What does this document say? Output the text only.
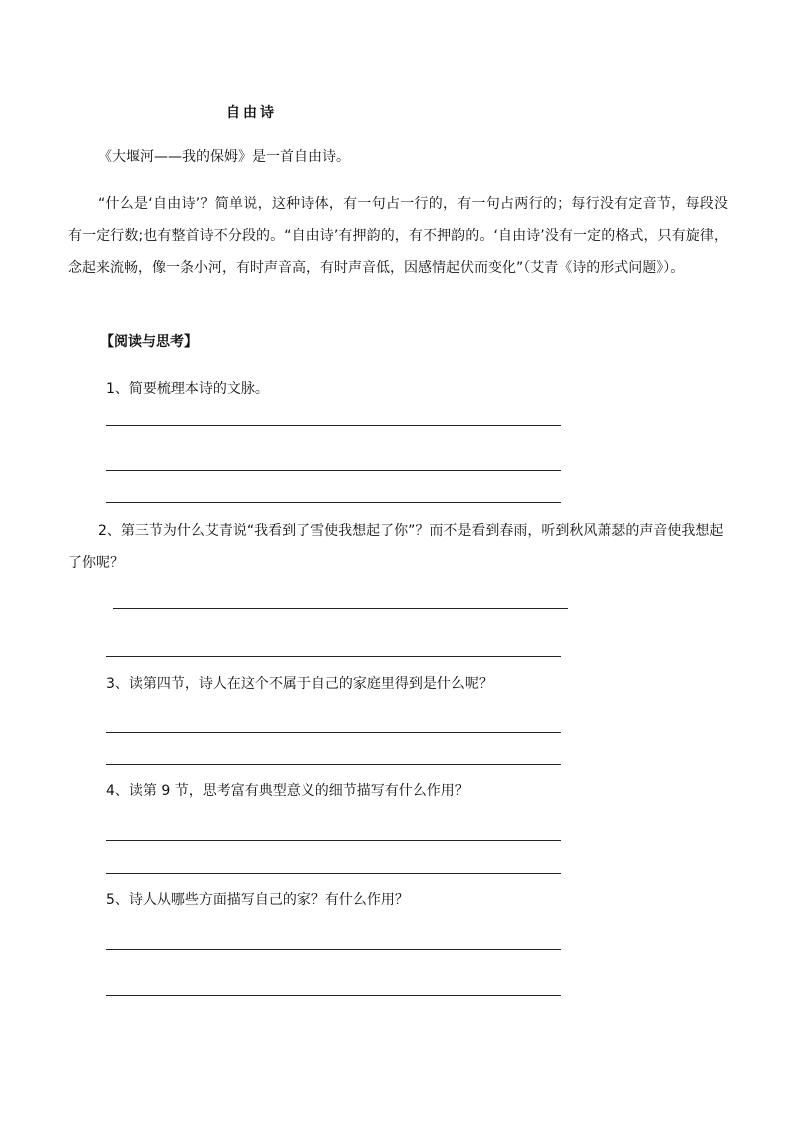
自由诗
《大堰河——我的保姆》是一首自由诗。

“什么是‘自由诗’？简单说，这种诗体，有一句占一行的，有一句占两行的；每行没有定音节，每段没有一定行数;也有整首诗不分段的。“自由诗’有押韵的，有不押韵的。‘自由诗’没有一定的格式，只有旋律，念起来流畅，像一条小河，有时声音高，有时声音低，因感情起伏而变化”（艾青《诗的形式问题》）。

【阅读与思考】
1、简要梳理本诗的文脉。

2、第三节为什么艾青说“我看到了雪使我想起了你”？而不是看到春雨，听到秋风萧瑟的声音使我想起了你呢？

3、读第四节，诗人在这个不属于自己的家庭里得到是什么呢？
4、读第 9 节，思考富有典型意义的细节描写有什么作用？
5、诗人从哪些方面描写自己的家？有什么作用？
